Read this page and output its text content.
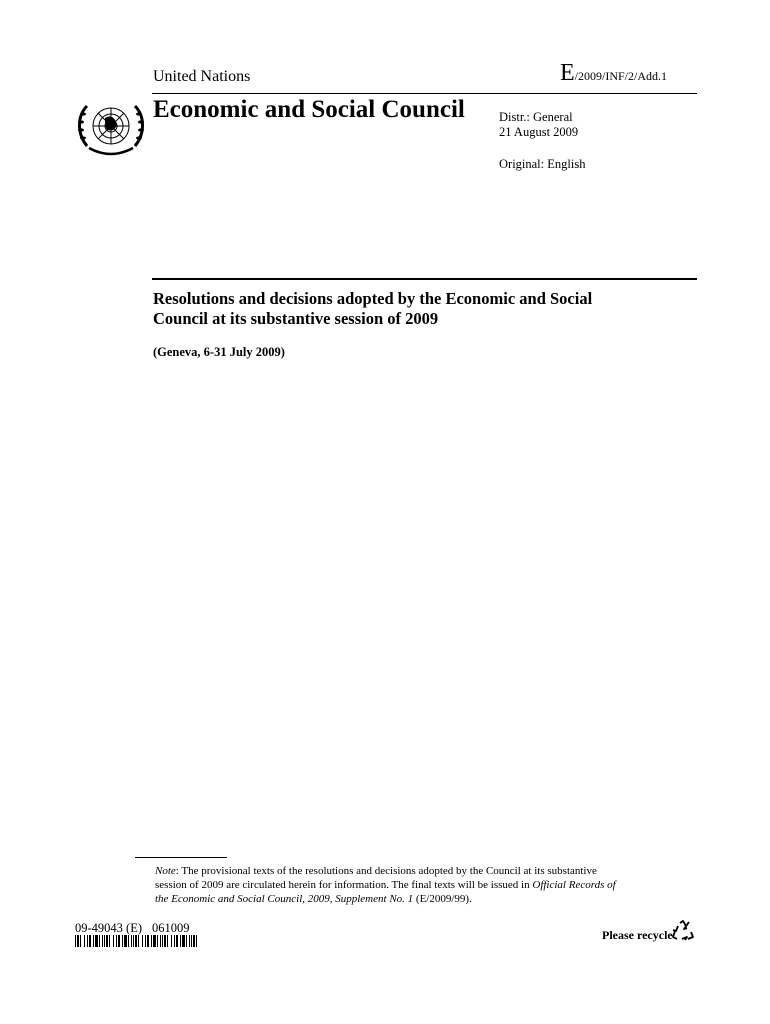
United Nations	E/2009/INF/2/Add.1
Economic and Social Council	Distr.: General
21 August 2009
Original: English
Resolutions and decisions adopted by the Economic and Social Council at its substantive session of 2009
(Geneva, 6-31 July 2009)
Note: The provisional texts of the resolutions and decisions adopted by the Council at its substantive session of 2009 are circulated herein for information. The final texts will be issued in Official Records of the Economic and Social Council, 2009, Supplement No. 1 (E/2009/99).
09-49043 (E) 061009	Please recycle
